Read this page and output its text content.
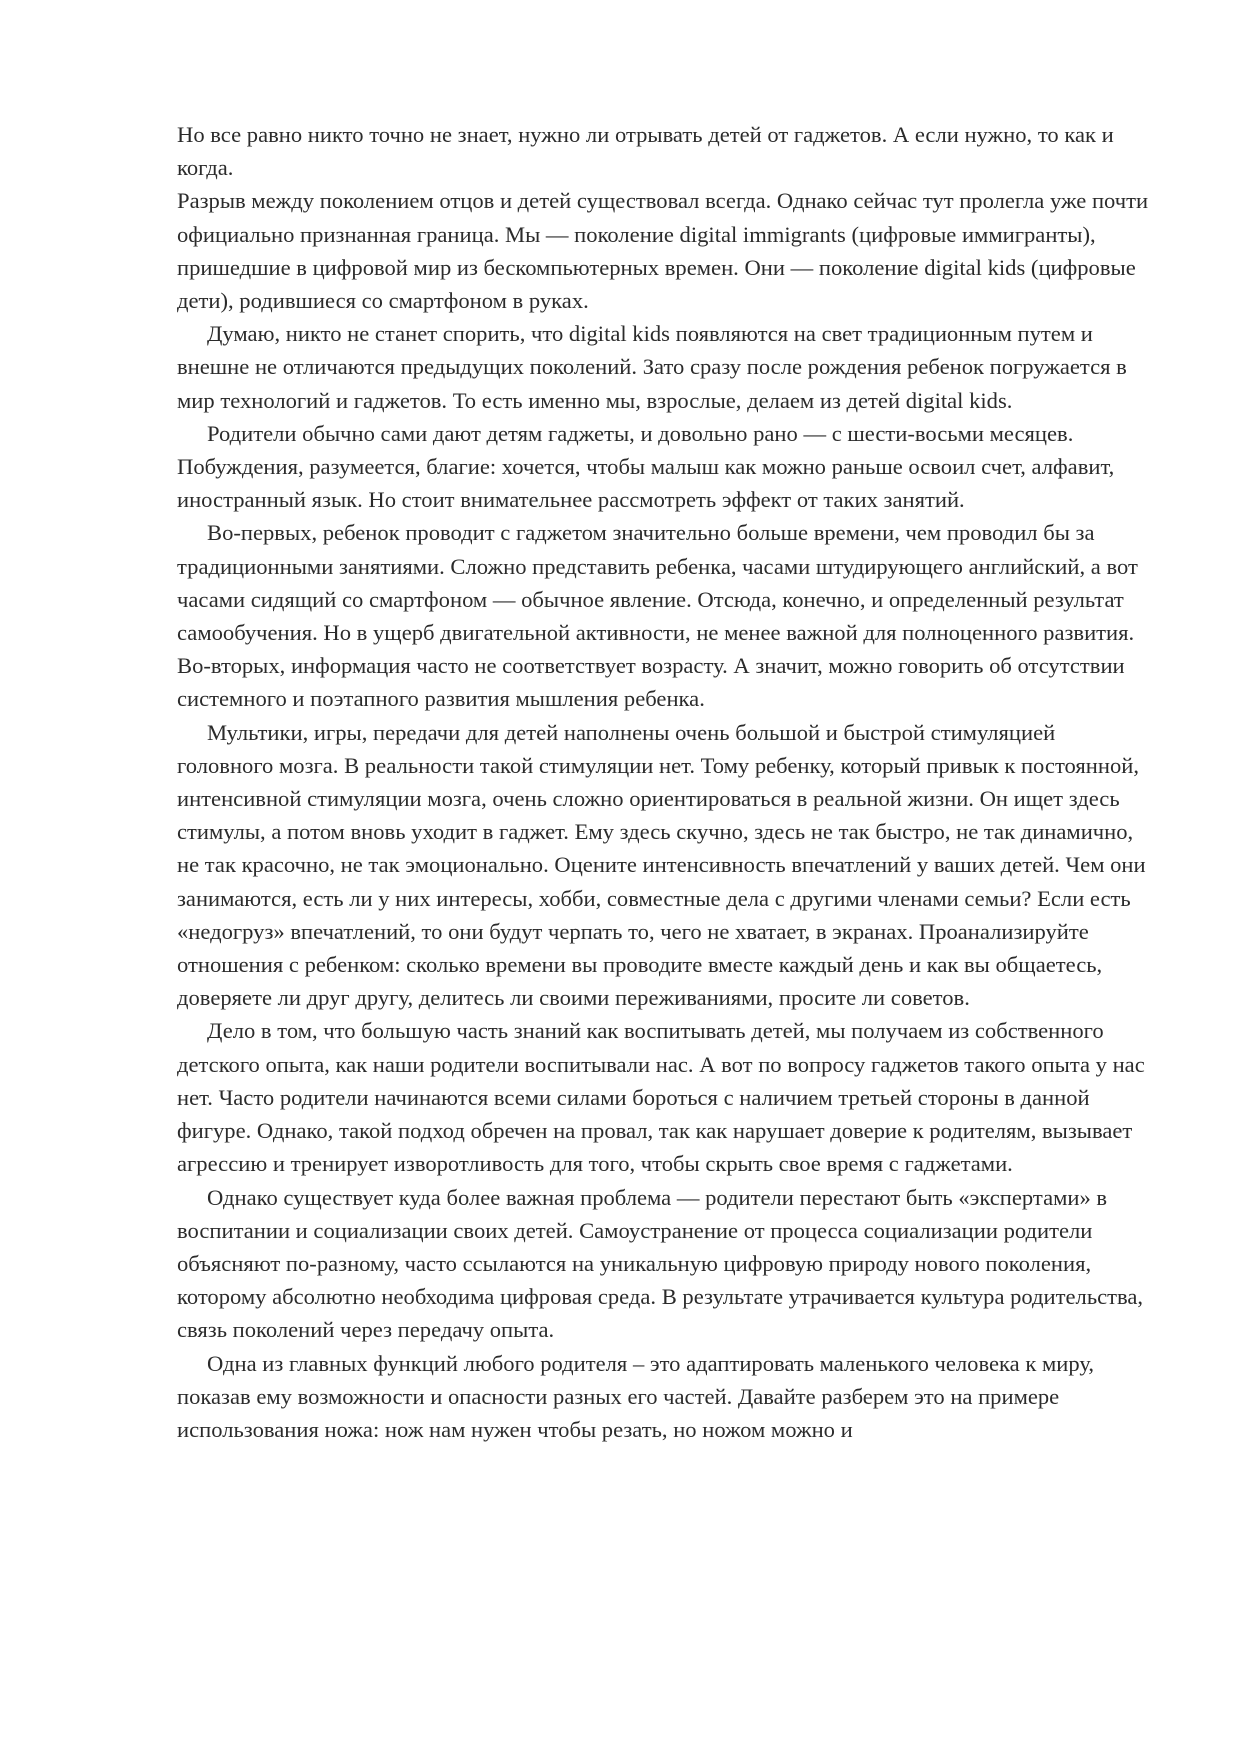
Но все равно никто точно не знает, нужно ли отрывать детей от гаджетов. А если нужно, то как и когда.

Разрыв между поколением отцов и детей существовал всегда. Однако сейчас тут пролегла уже почти официально признанная граница. Мы — поколение digital immigrants (цифровые иммигранты), пришедшие в цифровой мир из бескомпьютерных времен. Они — поколение digital kids (цифровые дети), родившиеся со смартфоном в руках.

Думаю, никто не станет спорить, что digital kids появляются на свет традиционным путем и внешне не отличаются предыдущих поколений. Зато сразу после рождения ребенок погружается в мир технологий и гаджетов. То есть именно мы, взрослые, делаем из детей digital kids.

Родители обычно сами дают детям гаджеты, и довольно рано — с шести-восьми месяцев. Побуждения, разумеется, благие: хочется, чтобы малыш как можно раньше освоил счет, алфавит, иностранный язык. Но стоит внимательнее рассмотреть эффект от таких занятий.

Во-первых, ребенок проводит с гаджетом значительно больше времени, чем проводил бы за традиционными занятиями. Сложно представить ребенка, часами штудирующего английский, а вот часами сидящий со смартфоном — обычное явление. Отсюда, конечно, и определенный результат самообучения. Но в ущерб двигательной активности, не менее важной для полноценного развития. Во-вторых, информация часто не соответствует возрасту. А значит, можно говорить об отсутствии системного и поэтапного развития мышления ребенка.

Мультики, игры, передачи для детей наполнены очень большой и быстрой стимуляцией головного мозга. В реальности такой стимуляции нет. Тому ребенку, который привык к постоянной, интенсивной стимуляции мозга, очень сложно ориентироваться в реальной жизни. Он ищет здесь стимулы, а потом вновь уходит в гаджет. Ему здесь скучно, здесь не так быстро, не так динамично, не так красочно, не так эмоционально. Оцените интенсивность впечатлений у ваших детей. Чем они занимаются, есть ли у них интересы, хобби, совместные дела с другими членами семьи? Если есть «недогруз» впечатлений, то они будут черпать то, чего не хватает, в экранах. Проанализируйте отношения с ребенком: сколько времени вы проводите вместе каждый день и как вы общаетесь, доверяете ли друг другу, делитесь ли своими переживаниями, просите ли советов.

Дело в том, что большую часть знаний как воспитывать детей, мы получаем из собственного детского опыта, как наши родители воспитывали нас. А вот по вопросу гаджетов такого опыта у нас нет. Часто родители начинаются всеми силами бороться с наличием третьей стороны в данной фигуре. Однако, такой подход обречен на провал, так как нарушает доверие к родителям, вызывает агрессию и тренирует изворотливость для того, чтобы скрыть свое время с гаджетами.

Однако существует куда более важная проблема — родители перестают быть «экспертами» в воспитании и социализации своих детей. Самоустранение от процесса социализации родители объясняют по-разному, часто ссылаются на уникальную цифровую природу нового поколения, которому абсолютно необходима цифровая среда. В результате утрачивается культура родительства, связь поколений через передачу опыта.

Одна из главных функций любого родителя – это адаптировать маленького человека к миру, показав ему возможности и опасности разных его частей. Давайте разберем это на примере использования ножа: нож нам нужен чтобы резать, но ножом можно и
